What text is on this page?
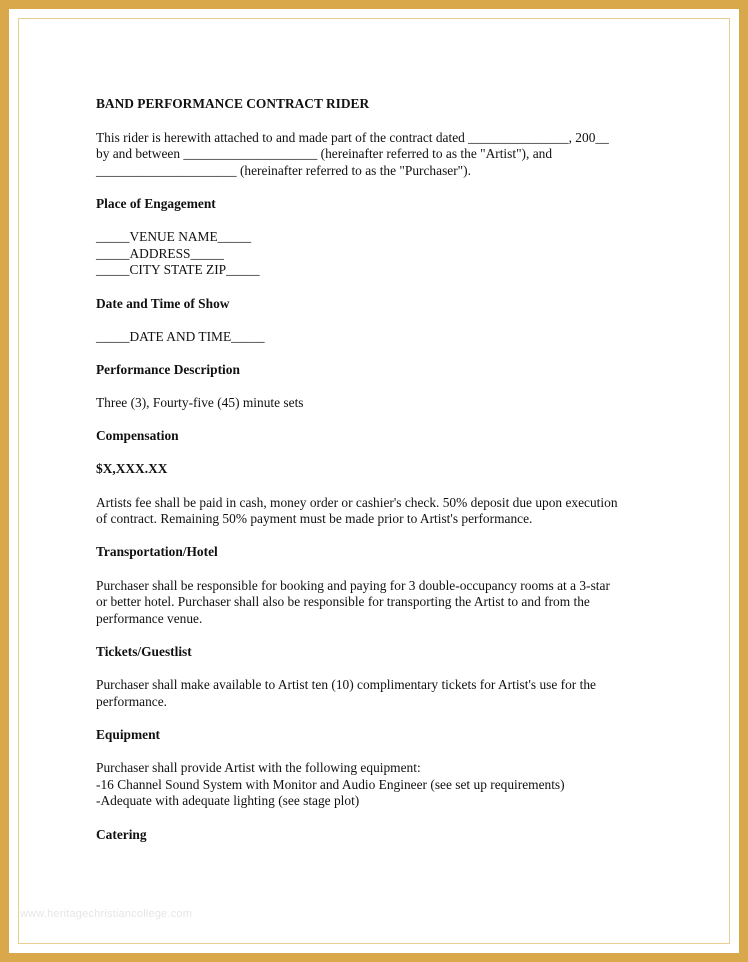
BAND PERFORMANCE CONTRACT RIDER

This rider is herewith attached to and made part of the contract dated _______________, 200__

by and between ____________________ (hereinafter referred to as the "Artist"), and

_____________________ (hereinafter referred to as the "Purchaser").

Place of Engagement

_____VENUE NAME_____

_____ADDRESS_____

_____CITY STATE ZIP_____

Date and Time of Show

_____DATE AND TIME_____

Performance Description

Three (3), Fourty-five (45) minute sets

Compensation

$X,XXX.XX

Artists fee shall be paid in cash, money order or cashier's check. 50% deposit due upon execution

of contract. Remaining 50% payment must be made prior to Artist's performance.

Transportation/Hotel

Purchaser shall be responsible for booking and paying for 3 double-occupancy rooms at a 3-star

or better hotel. Purchaser shall also be responsible for transporting the Artist to and from the

performance venue.

Tickets/Guestlist

Purchaser shall make available to Artist ten (10) complimentary tickets for Artist's use for the

performance.

Equipment

Purchaser shall provide Artist with the following equipment:

-16 Channel Sound System with Monitor and Audio Engineer (see set up requirements)

-Adequate with adequate lighting (see stage plot)

Catering

www.heritagechristiancollege.com
